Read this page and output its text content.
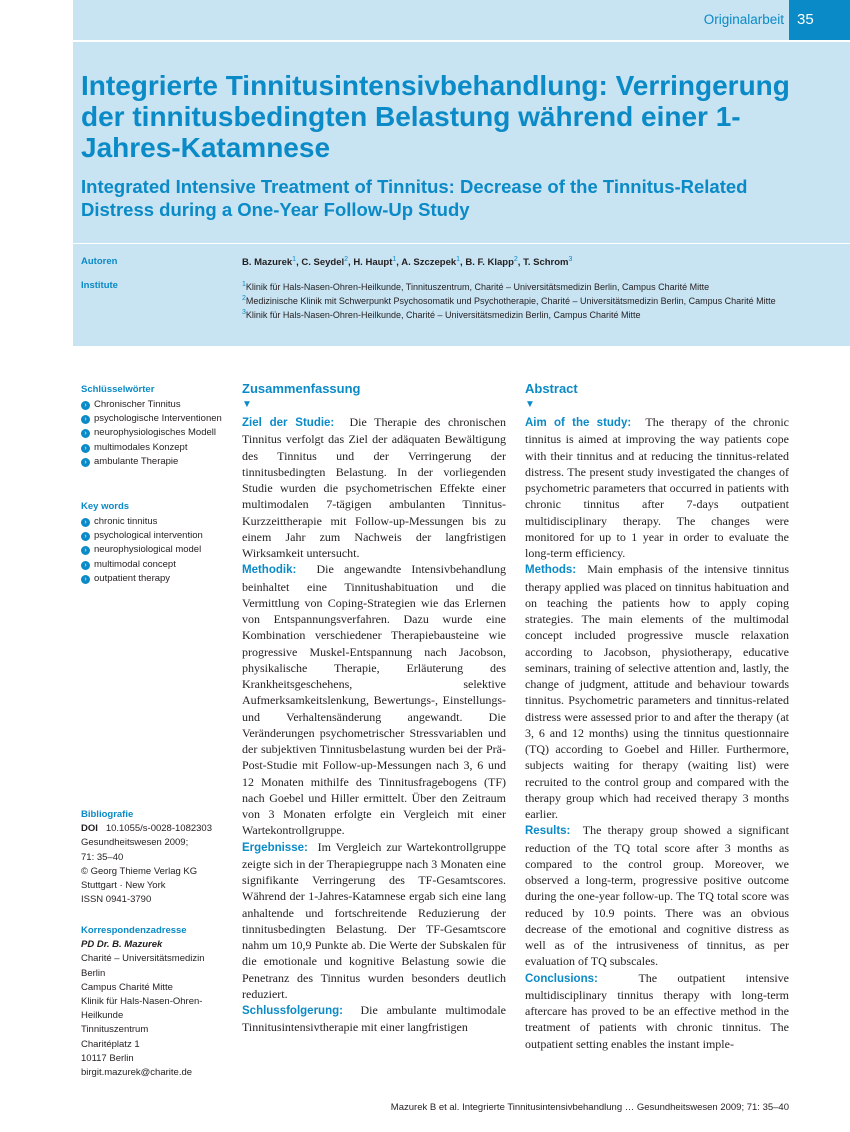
Originalarbeit 35
Integrierte Tinnitusintensivbehandlung: Verringerung der tinnitusbedingten Belastung während einer 1-Jahres-Katamnese
Integrated Intensive Treatment of Tinnitus: Decrease of the Tinnitus-Related Distress during a One-Year Follow-Up Study
Autoren
Institute
B. Mazurek$^1$, C. Seydel$^2$, H. Haupt$^1$, A. Szczepek$^1$, B. F. Klapp$^2$, T. Schrom$^3$
$^1$Klinik für Hals-Nasen-Ohren-Heilkunde, Tinnituszentrum, Charité – Universitätsmedizin Berlin, Campus Charité Mitte
$^2$Medizinische Klinik mit Schwerpunkt Psychosomatik und Psychotherapie, Charité – Universitätsmedizin Berlin, Campus Charité Mitte
$^3$Klinik für Hals-Nasen-Ohren-Heilkunde, Charité – Universitätsmedizin Berlin, Campus Charité Mitte
Schlüsselwörter
› Chronischer Tinnitus
› psychologische Interventionen
› neurophysiologisches Modell
› multimodales Konzept
› ambulante Therapie
Key words
› chronic tinnitus
› psychological intervention
› neurophysiological model
› multimodal concept
› outpatient therapy
Bibliografie
DOI 10.1055/s-0028-1082303
Gesundheitswesen 2009;
71: 35–40
© Georg Thieme Verlag KG
Stuttgart · New York
ISSN 0941-3790
Korrespondenzadresse
PD Dr. B. Mazurek
Charité – Universitätsmedizin
Berlin
Campus Charité Mitte
Klinik für Hals-Nasen-Ohren-
Heilkunde
Tinnituszentrum
Charitéplatz 1
10117 Berlin
birgit.mazurek@charite.de
Zusammenfassung
▼

Ziel der Studie: Die Therapie des chronischen Tinnitus verfolgt das Ziel der adäquaten Bewältigung des Tinnitus und der Verringerung der tinnitusbedingten Belastung. In der vorliegenden Studie wurden die psychometrischen Effekte einer multimodalen 7-tägigen ambulanten Tinnitus-Kurzzeittherapie mit Follow-up-Messungen bis zu einem Jahr zum Nachweis der langfristigen Wirksamkeit untersucht.

Methodik: Die angewandte Intensivbehandlung beinhaltet eine Tinnitushabituation und die Vermittlung von Coping-Strategien wie das Erlernen von Entspannungsverfahren. Dazu wurde eine Kombination verschiedener Therapiebausteine wie progressive Muskel-Entspannung nach Jacobson, physikalische Therapie, Erläuterung des Krankheitsgeschehens, selektive Aufmerksamkeitslenkung, Bewertungs-, Einstellungs- und Verhaltensänderung angewandt. Die Veränderungen psychometrischer Stressvariablen und der subjektiven Tinnitusbelastung wurden bei der Prä-Post-Studie mit Follow-up-Messungen nach 3, 6 und 12 Monaten mithilfe des Tinnitusfragebogens (TF) nach Goebel und Hiller ermittelt. Über den Zeitraum von 3 Monaten erfolgte ein Vergleich mit einer Wartekontrollgruppe.

Ergebnisse: Im Vergleich zur Wartekontrollgruppe zeigte sich in der Therapiegruppe nach 3 Monaten eine signifikante Verringerung des TF-Gesamtscores. Während der 1-Jahres-Katamnese ergab sich eine lang anhaltende und fortschreitende Reduzierung der tinnitusbedingten Belastung. Der TF-Gesamtscore nahm um 10,9 Punkte ab. Die Werte der Subskalen für die emotionale und kognitive Belastung sowie die Penetranz des Tinnitus wurden besonders deutlich reduziert.

Schlussfolgerung: Die ambulante multimodale Tinnitusintensivtherapie mit einer langfristigen

Abstract
▼

Aim of the study: The therapy of the chronic tinnitus is aimed at improving the way patients cope with their tinnitus and at reducing the tinnitus-related distress. The present study investigated the changes of psychometric parameters that occurred in patients with chronic tinnitus after 7-days outpatient multidisciplinary therapy. The changes were monitored for up to 1 year in order to evaluate the long-term efficiency.

Methods: Main emphasis of the intensive tinnitus therapy applied was placed on tinnitus habituation and on teaching the patients how to apply coping strategies. The main elements of the multimodal concept included progressive muscle relaxation according to Jacobson, physiotherapy, educative seminars, training of selective attention and, lastly, the change of judgment, attitude and behaviour towards tinnitus. Psychometric parameters and tinnitus-related distress were assessed prior to and after the therapy (at 3, 6 and 12 months) using the tinnitus questionnaire (TQ) according to Goebel and Hiller. Furthermore, subjects waiting for therapy (waiting list) were recruited to the control group and compared with the therapy group which had received therapy 3 months earlier.

Results: The therapy group showed a significant reduction of the TQ total score after 3 months as compared to the control group. Moreover, we observed a long-term, progressive positive outcome during the one-year follow-up. The TQ total score was reduced by 10.9 points. There was an obvious decrease of the emotional and cognitive distress as well as of the intrusiveness of tinnitus, as per evaluation of TQ subscales.

Conclusions:	The outpatient intensive multidisciplinary tinnitus therapy with long-term aftercare has proved to be an effective method in the treatment of patients with chronic tinnitus. The outpatient setting enables the instant imple-

Mazurek B et al. Integrierte Tinnitusintensivbehandlung … Gesundheitswesen 2009; 71: 35–40
